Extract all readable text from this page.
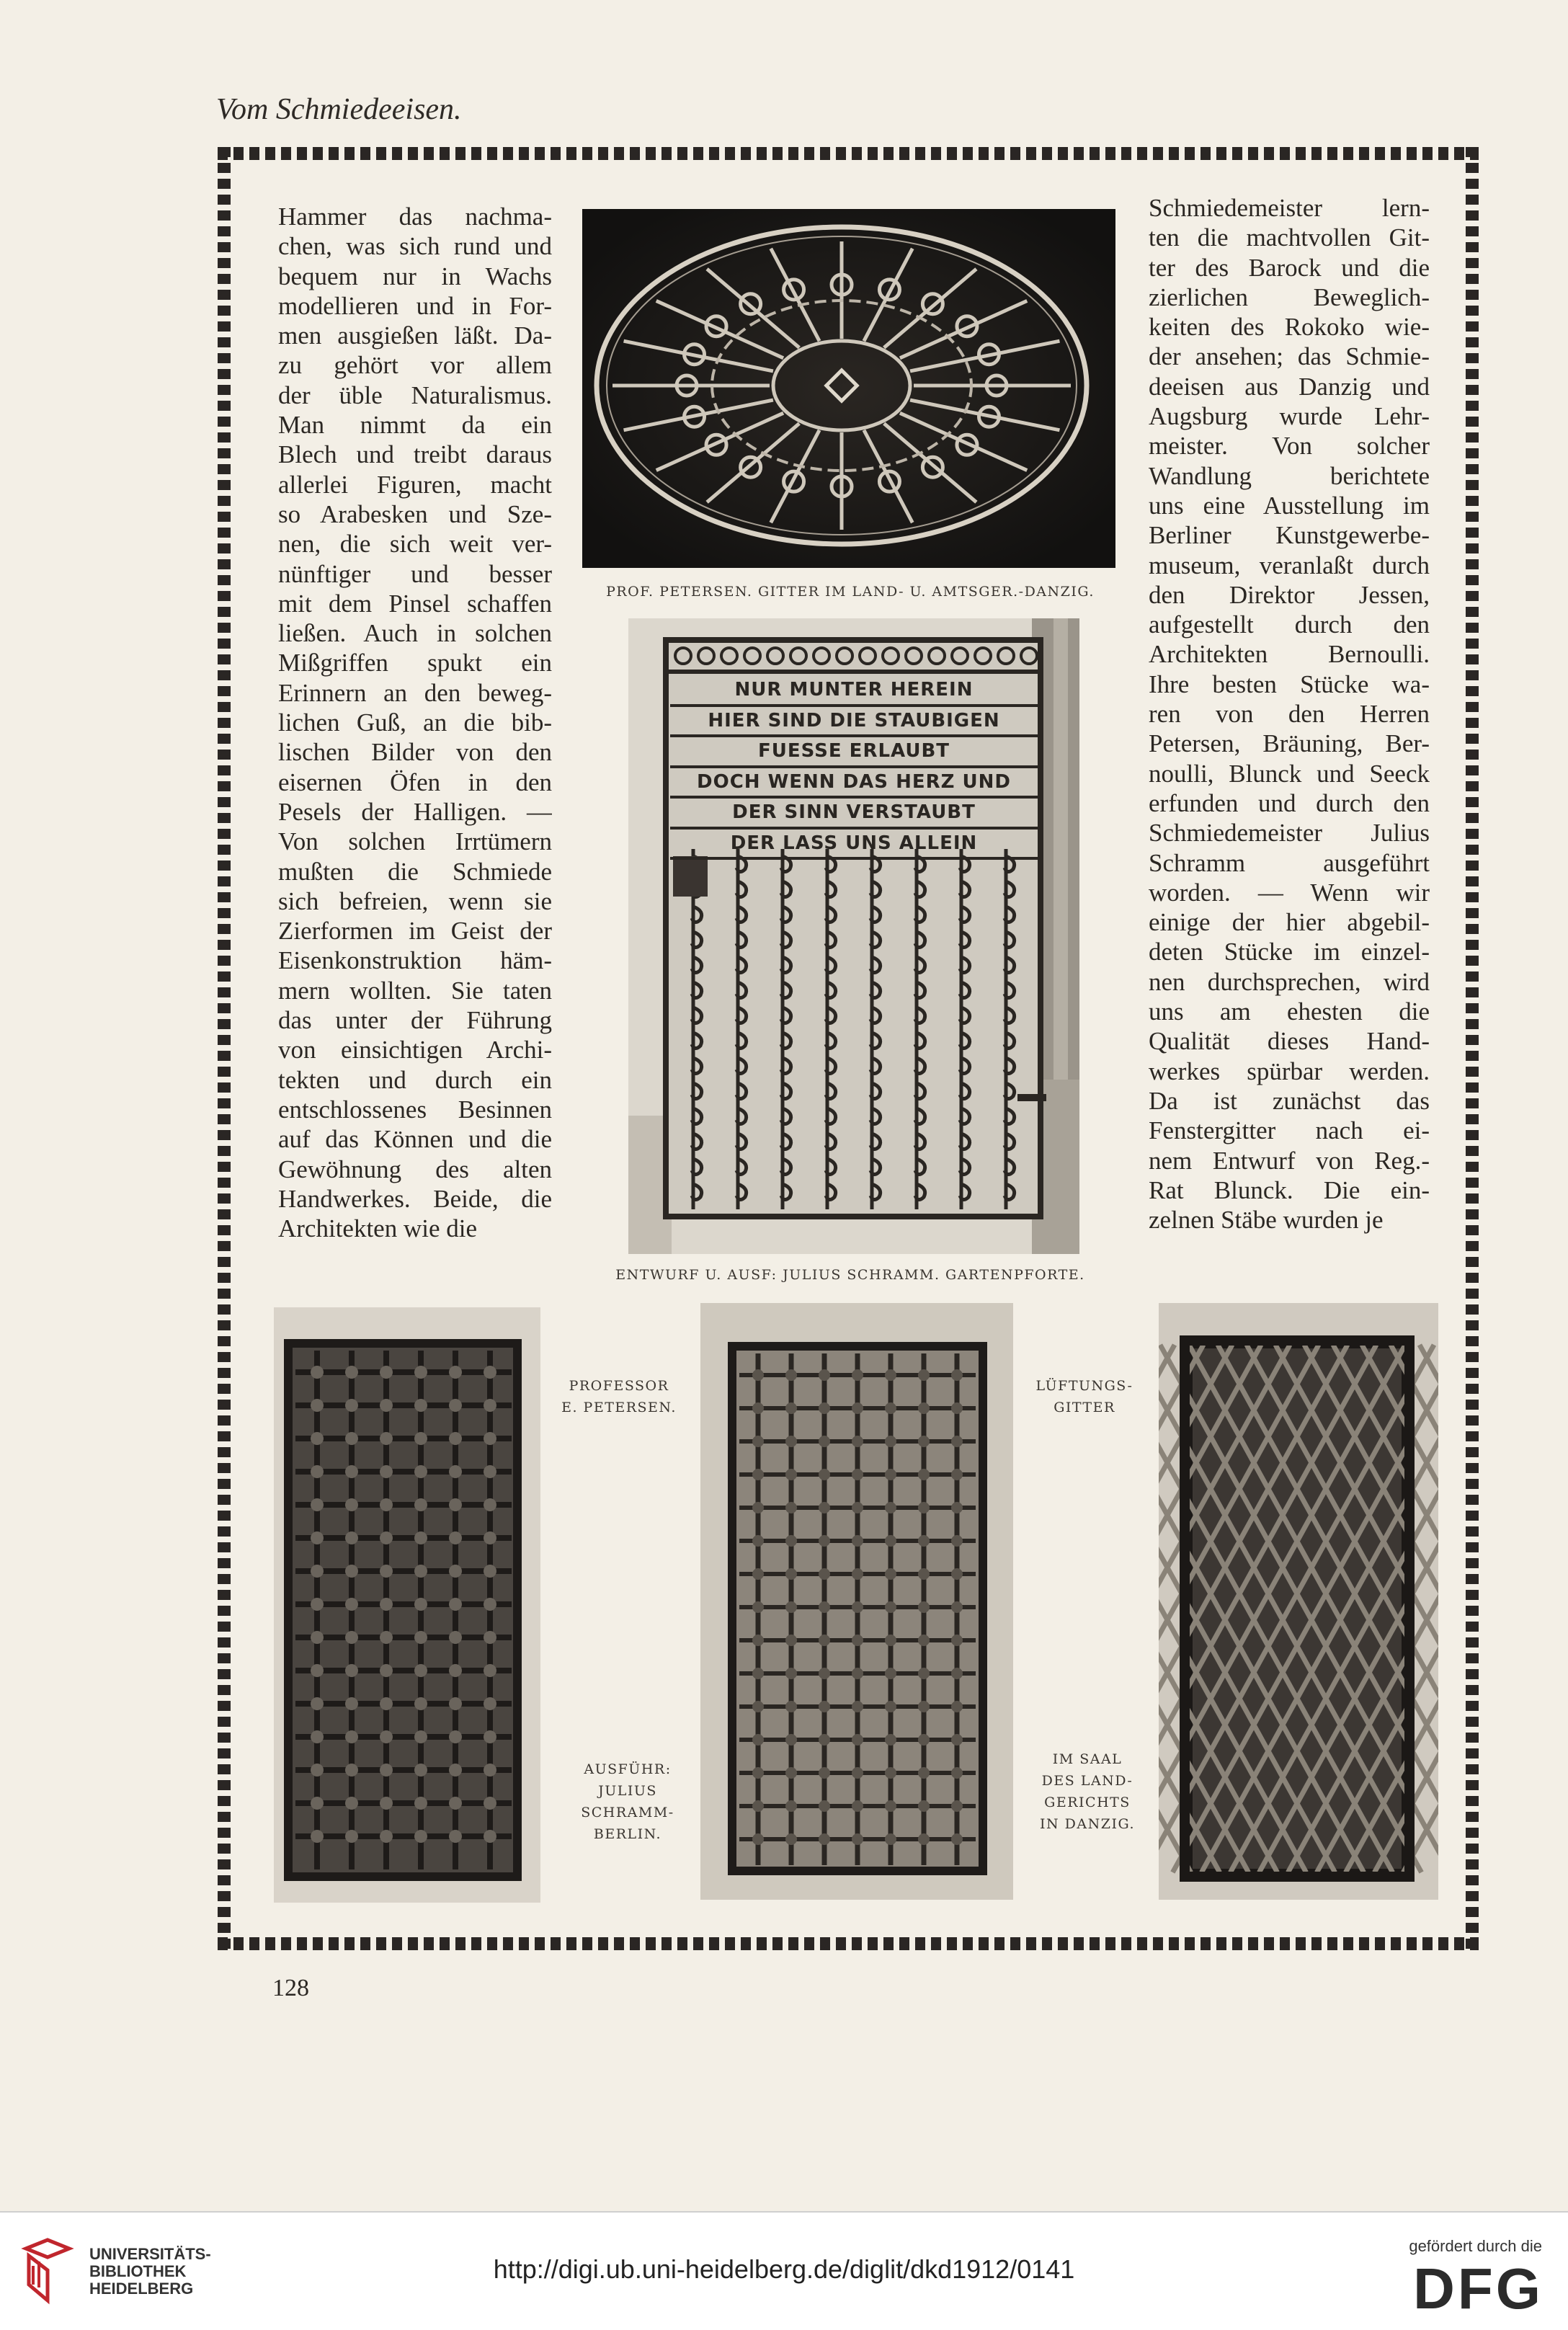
Vom Schmiedeeisen.
Hammer das nachma-
chen, was sich rund und
bequem nur in Wachs
modellieren und in For-
men ausgießen läßt. Da-
zu gehört vor allem
der üble Naturalismus.
Man nimmt da ein
Blech und treibt daraus
allerlei Figuren, macht
so Arabesken und Sze-
nen, die sich weit ver-
nünftiger und besser
mit dem Pinsel schaffen
ließen. Auch in solchen
Mißgriffen spukt ein
Erinnern an den beweg-
lichen Guß, an die bib-
lischen Bilder von den
eisernen Öfen in den
Pesels der Halligen. —
Von solchen Irrtümern
mußten die Schmiede
sich befreien, wenn sie
Zierformen im Geist der
Eisenkonstruktion häm-
mern wollten. Sie taten
das unter der Führung
von einsichtigen Archi-
tekten und durch ein
entschlossenes Besinnen
auf das Können und die
Gewöhnung des alten
Handwerkes. Beide, die
Architekten wie die
Schmiedemeister lern-
ten die machtvollen Git-
ter des Barock und die
zierlichen Beweglich-
keiten des Rokoko wie-
der ansehen; das Schmie-
deeisen aus Danzig und
Augsburg wurde Lehr-
meister. Von solcher
Wandlung berichtete
uns eine Ausstellung im
Berliner Kunstgewerbe-
museum, veranlaßt durch
den Direktor Jessen,
aufgestellt durch den
Architekten Bernoulli.
Ihre besten Stücke wa-
ren von den Herren
Petersen, Bräuning, Ber-
noulli, Blunck und Seeck
erfunden und durch den
Schmiedemeister Julius
Schramm ausgeführt
worden. — Wenn wir
einige der hier abgebil-
deten Stücke im einzel-
nen durchsprechen, wird
uns am ehesten die
Qualität dieses Hand-
werkes spürbar werden.
Da ist zunächst das
Fenstergitter nach ei-
nem Entwurf von Reg.-
Rat Blunck. Die ein-
zelnen Stäbe wurden je
PROF. PETERSEN. GITTER IM LAND- U. AMTSGER.-DANZIG.
NUR MUNTER HEREIN
HIER SIND DIE STAUBIGEN
FUESSE ERLAUBT
DOCH WENN DAS HERZ UND
DER SINN VERSTAUBT
DER LASS UNS ALLEIN
ENTWURF U. AUSF: JULIUS SCHRAMM. GARTENPFORTE.
PROFESSOR
E. PETERSEN.
LÜFTUNGS-
GITTER
AUSFÜHR:
JULIUS
SCHRAMM-
BERLIN.
IM SAAL
DES LAND-
GERICHTS
IN DANZIG.
128
UNIVERSITÄTS-
BIBLIOTHEK
HEIDELBERG
http://digi.ub.uni-heidelberg.de/diglit/dkd1912/0141
gefördert durch die
DFG
